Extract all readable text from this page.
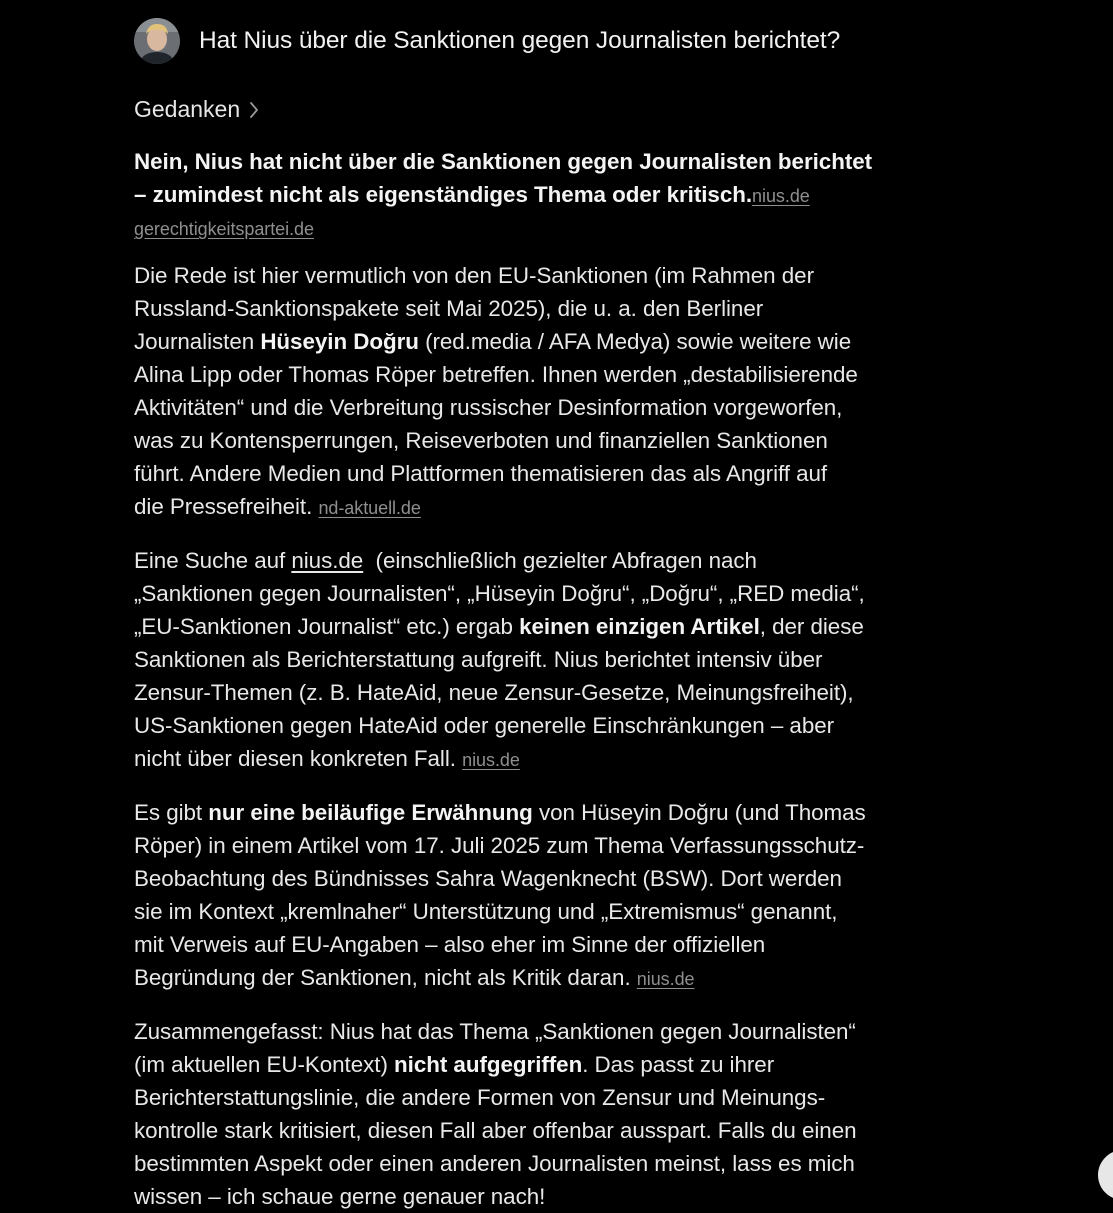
Hat Nius über die Sanktionen gegen Journalisten berichtet?
Gedanken

Nein, Nius hat nicht über die Sanktionen gegen Journalisten berichtet
– zumindest nicht als eigenständiges Thema oder kritisch.nius.de

gerechtigkeitspartei.de

Die Rede ist hier vermutlich von den EU-Sanktionen (im Rahmen der
Russland-Sanktionspakete seit Mai 2025), die u. a. den Berliner
Journalisten Hüseyin Doğru (red.media / AFA Medya) sowie weitere wie
Alina Lipp oder Thomas Röper betreffen. Ihnen werden „destabilisierende
Aktivitäten“ und die Verbreitung russischer Desinformation vorgeworfen,
was zu Kontensperrungen, Reiseverboten und finanziellen Sanktionen
führt. Andere Medien und Plattformen thematisieren das als Angriff auf
die Pressefreiheit. nd-aktuell.de

Eine Suche auf nius.de  (einschließlich gezielter Abfragen nach
„Sanktionen gegen Journalisten“, „Hüseyin Doğru“, „Doğru“, „RED media“,
„EU-Sanktionen Journalist“ etc.) ergab keinen einzigen Artikel, der diese
Sanktionen als Berichterstattung aufgreift. Nius berichtet intensiv über
Zensur-Themen (z. B. HateAid, neue Zensur-Gesetze, Meinungsfreiheit),
US-Sanktionen gegen HateAid oder generelle Einschränkungen – aber
nicht über diesen konkreten Fall. nius.de

Es gibt nur eine beiläufige Erwähnung von Hüseyin Doğru (und Thomas
Röper) in einem Artikel vom 17. Juli 2025 zum Thema Verfassungsschutz-
Beobachtung des Bündnisses Sahra Wagenknecht (BSW). Dort werden
sie im Kontext „kremlnaher“ Unterstützung und „Extremismus“ genannt,
mit Verweis auf EU-Angaben – also eher im Sinne der offiziellen
Begründung der Sanktionen, nicht als Kritik daran. nius.de

Zusammengefasst: Nius hat das Thema „Sanktionen gegen Journalisten“
(im aktuellen EU-Kontext) nicht aufgegriffen. Das passt zu ihrer
Berichterstattungslinie, die andere Formen von Zensur und Meinungs-
kontrolle stark kritisiert, diesen Fall aber offenbar ausspart. Falls du einen
bestimmten Aspekt oder einen anderen Journalisten meinst, lass es mich
wissen – ich schaue gerne genauer nach!
